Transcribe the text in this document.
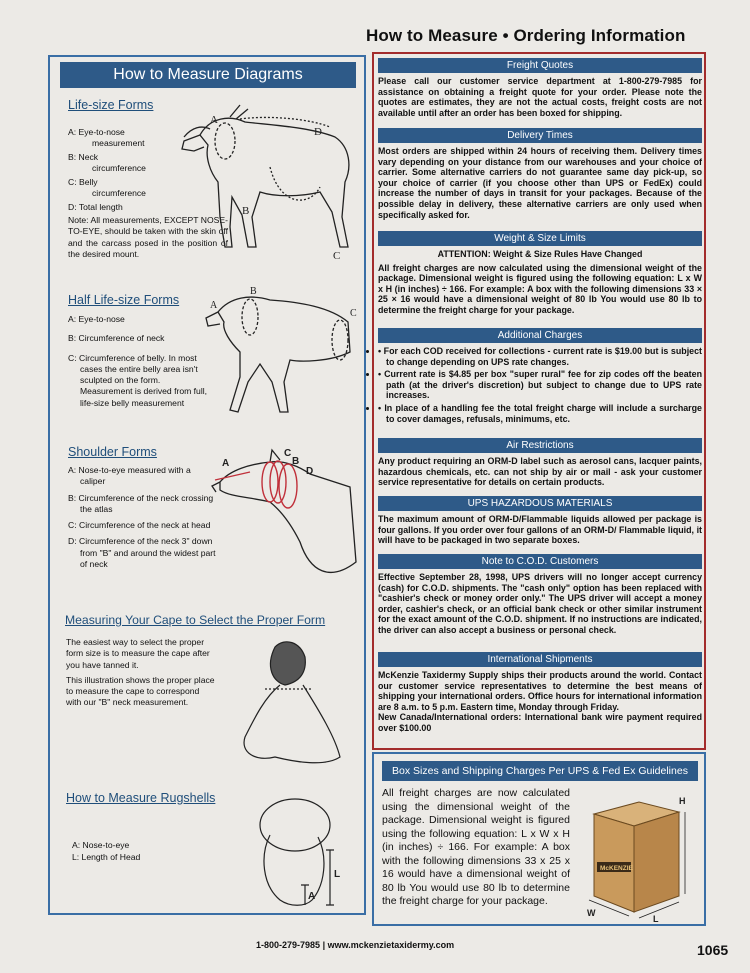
How to Measure • Ordering Information
How to Measure Diagrams
Life-size Forms

A: Eye-to-nose

measurement

B: Neck

circumference

C: Belly

circumference

D: Total length

Note: All measurements, EXCEPT NOSE-TO-EYE, should be taken with the skin off and the carcass posed in the position of the desired mount.
A
B
D
C
Half Life-size Forms

A: Eye-to-nose

B: Circumference of neck

C: Circumference of belly. In most cases the entire belly area isn't sculpted on the form. Measurement is derived from full, life-size belly measurement

A
B
C
Shoulder Forms

A: Nose-to-eye measured with a caliper

B: Circumference of the neck crossing the atlas

C: Circumference of the neck at head

D: Circumference of the neck 3" down from "B" and around the widest part of neck

A
C
B
D
Measuring Your Cape to Select the Proper Form

The easiest way to select the proper form size is to measure the cape after you have tanned it.

This illustration shows the proper place to measure the cape to correspond with our "B" neck measurement.

How to Measure Rugshells

A: Nose-to-eye

L: Length of Head

L
A
Freight Quotes
Please call our customer service department at 1-800-279-7985 for assistance on obtaining a freight quote for your order. Please note the quotes are estimates, they are not the actual costs, freight costs are not available until after an order has been boxed for shipping.
Delivery Times
Most orders are shipped within 24 hours of receiving them. Delivery times vary depending on your distance from our warehouses and your choice of carrier. Some alternative carriers do not guarantee same day pick-up, so your choice of carrier (if you choose other than UPS or FedEx) could increase the number of days in transit for your packages. Because of the possible delay in delivery, these alternative carriers are only used when specifically asked for.
Weight & Size Limits
ATTENTION: Weight & Size Rules Have Changed
All freight charges are now calculated using the dimensional weight of the package. Dimensional weight is figured using the following equation: L x W x H (in inches) ÷ 166. For example: A box with the following dimensions 33 × 25 × 16 would have a dimensional weight of 80 lb You would use 80 lb to determine the freight charge for your package.
Additional Charges
• • For each COD received for collections - current rate is $19.00 but is subject to change depending on UPS rate changes.
• • Current rate is $4.85 per box "super rural" fee for zip codes off the beaten path (at the driver's discretion) but subject to change due to UPS rate increases.
• • In place of a handling fee the total freight charge will include a surcharge to cover damages, refusals, minimums, etc.
Air Restrictions
Any product requiring an ORM-D label such as aerosol cans, lacquer paints, hazardous chemicals, etc. can not ship by air or mail - ask your customer service representative for details on certain products.
UPS HAZARDOUS MATERIALS
The maximum amount of ORM-D/Flammable liquids allowed per package is four gallons. If you order over four gallons of an ORM-D/ Flammable liquid, it will have to be packaged in two separate boxes.
Note to C.O.D. Customers
Effective September 28, 1998, UPS drivers will no longer accept currency (cash) for C.O.D. shipments. The "cash only" option has been replaced with "cashier's check or money order only." The UPS driver will accept a money order, cashier's check, or an official bank check or other similar instrument for the exact amount of the C.O.D. shipment. If no instructions are indicated, the driver can also accept a business or personal check.
International Shipments
McKenzie Taxidermy Supply ships their products around the world. Contact our customer service representatives to determine the best means of shipping your international orders. Office hours for international information are 8 a.m. to 5 p.m. Eastern time, Monday through Friday.
New Canada/International orders: International bank wire payment required over $100.00
Box Sizes and Shipping Charges Per UPS & Fed Ex Guidelines
All freight charges are now calculated using the dimensional weight of the package. Dimensional weight is figured using the following equation: L x W x H (in inches) ÷ 166. For example: A box with the following dimensions 33 x 25 x 16 would have a dimensional weight of 80 lb You would use 80 lb to determine the freight charge for your package.
McKENZIE
H
W
L
1-800-279-7985 | www.mckenzietaxidermy.com	1065
